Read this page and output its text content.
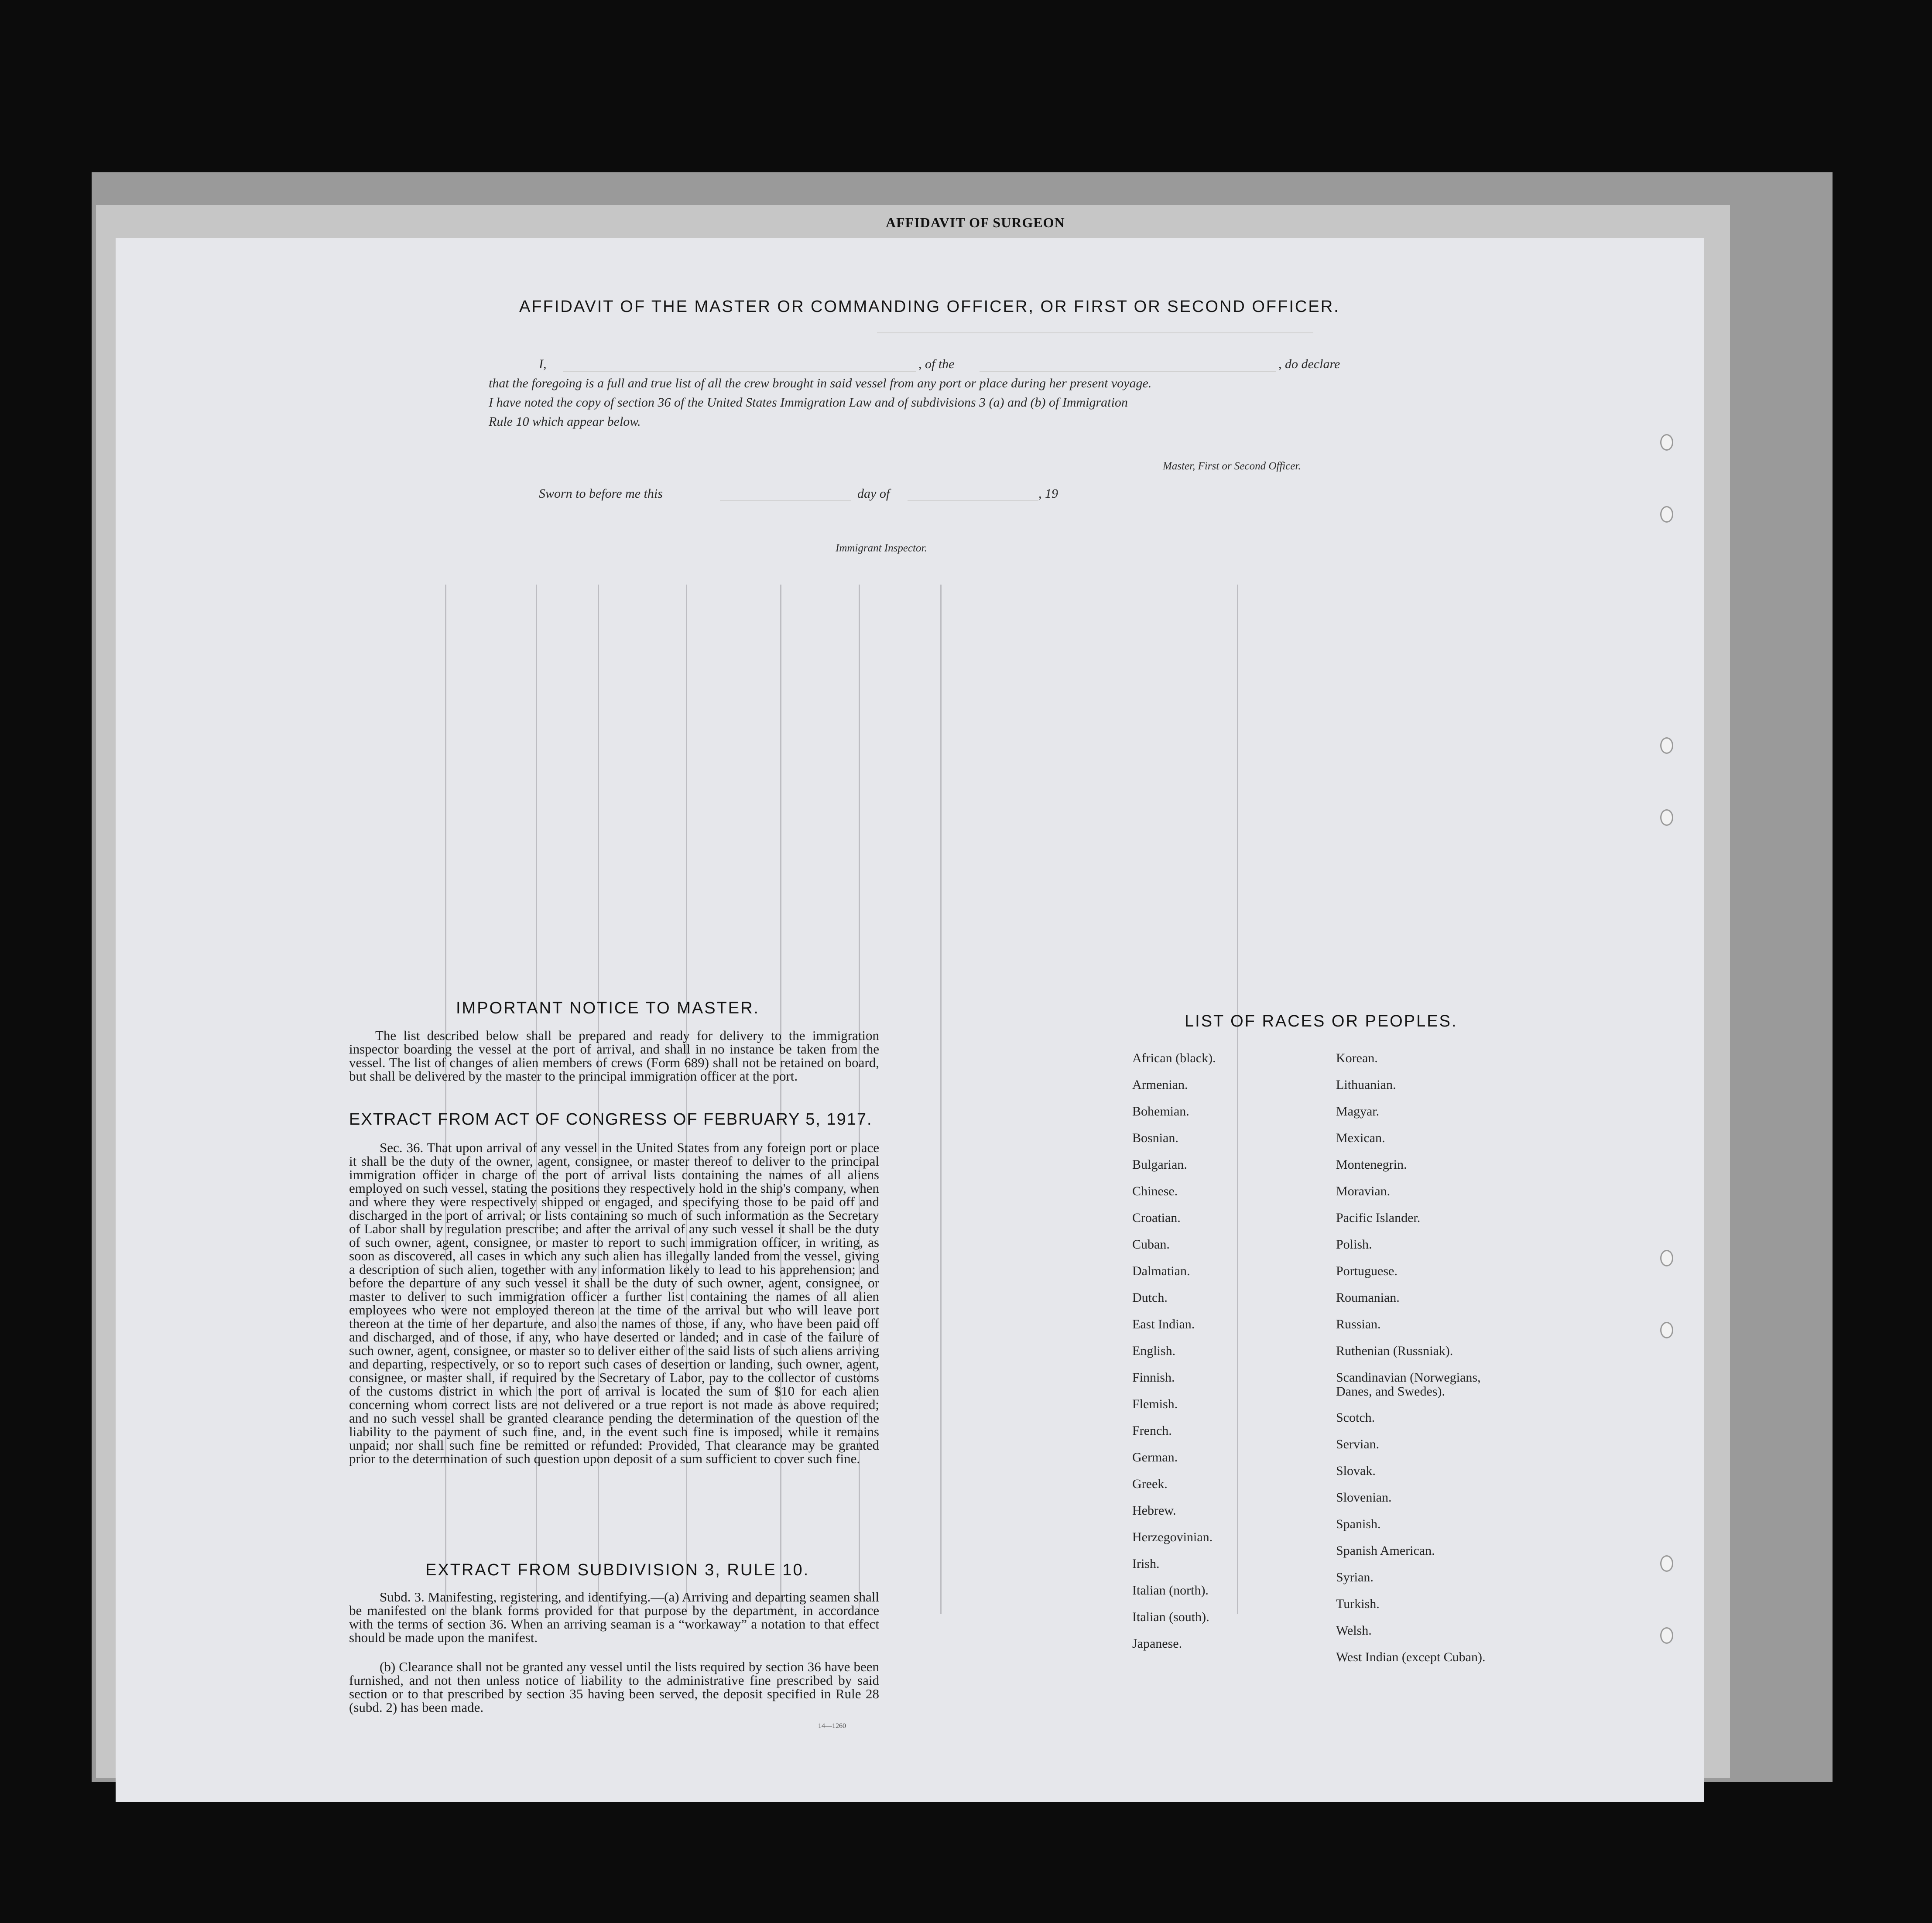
AFFIDAVIT OF SURGEON
AFFIDAVIT OF THE MASTER OR COMMANDING OFFICER, OR FIRST OR SECOND OFFICER.
I,	, of the	, do declare
that the foregoing is a full and true list of all the crew brought in said vessel from any port or place during her present voyage.
I have noted the copy of section 36 of the United States Immigration Law and of subdivisions 3 (a) and (b) of Immigration
Rule 10 which appear below.
Master, First or Second Officer.
Sworn to before me this	day of	, 19
Immigrant Inspector.
IMPORTANT NOTICE TO MASTER.
The list described below shall be prepared and ready for delivery to the immigration inspector boarding the vessel at the port of arrival, and shall in no instance be taken from the vessel. The list of changes of alien members of crews (Form 689) shall not be retained on board, but shall be delivered by the master to the principal immigration officer at the port.
EXTRACT FROM ACT OF CONGRESS OF FEBRUARY 5, 1917.
Sec. 36. That upon arrival of any vessel in the United States from any foreign port or place it shall be the duty of the owner, agent, consignee, or master thereof to deliver to the principal immigration officer in charge of the port of arrival lists containing the names of all aliens employed on such vessel, stating the positions they respectively hold in the ship's company, when and where they were respectively shipped or engaged, and specifying those to be paid off and discharged in the port of arrival; or lists containing so much of such information as the Secretary of Labor shall by regulation prescribe; and after the arrival of any such vessel it shall be the duty of such owner, agent, consignee, or master to report to such immigration officer, in writing, as soon as discovered, all cases in which any such alien has illegally landed from the vessel, giving a description of such alien, together with any information likely to lead to his apprehension; and before the departure of any such vessel it shall be the duty of such owner, agent, consignee, or master to deliver to such immigration officer a further list containing the names of all alien employees who were not employed thereon at the time of the arrival but who will leave port thereon at the time of her departure, and also the names of those, if any, who have been paid off and discharged, and of those, if any, who have deserted or landed; and in case of the failure of such owner, agent, consignee, or master so to deliver either of the said lists of such aliens arriving and departing, respectively, or so to report such cases of desertion or landing, such owner, agent, consignee, or master shall, if required by the Secretary of Labor, pay to the collector of customs of the customs district in which the port of arrival is located the sum of $10 for each alien concerning whom correct lists are not delivered or a true report is not made as above required; and no such vessel shall be granted clearance pending the determination of the question of the liability to the payment of such fine, and, in the event such fine is imposed, while it remains unpaid; nor shall such fine be remitted or refunded: Provided, That clearance may be granted prior to the determination of such question upon deposit of a sum sufficient to cover such fine.
EXTRACT FROM SUBDIVISION 3, RULE 10.
Subd. 3. Manifesting, registering, and identifying.—(a) Arriving and departing seamen shall be manifested on the blank forms provided for that purpose by the department, in accordance with the terms of section 36. When an arriving seaman is a “workaway” a notation to that effect should be made upon the manifest.
(b) Clearance shall not be granted any vessel until the lists required by section 36 have been furnished, and not then unless notice of liability to the administrative fine prescribed by said section or to that prescribed by section 35 having been served, the deposit specified in Rule 28 (subd. 2) has been made.
14—1260
LIST OF RACES OR PEOPLES.
African (black).
Armenian.
Bohemian.
Bosnian.
Bulgarian.
Chinese.
Croatian.
Cuban.
Dalmatian.
Dutch.
East Indian.
English.
Finnish.
Flemish.
French.
German.
Greek.
Hebrew.
Herzegovinian.
Irish.
Italian (north).
Italian (south).
Japanese.
Korean.
Lithuanian.
Magyar.
Mexican.
Montenegrin.
Moravian.
Pacific Islander.
Polish.
Portuguese.
Roumanian.
Russian.
Ruthenian (Russniak).
Scandinavian (Norwegians,
Danes, and Swedes).
Scotch.
Servian.
Slovak.
Slovenian.
Spanish.
Spanish American.
Syrian.
Turkish.
Welsh.
West Indian (except Cuban).
